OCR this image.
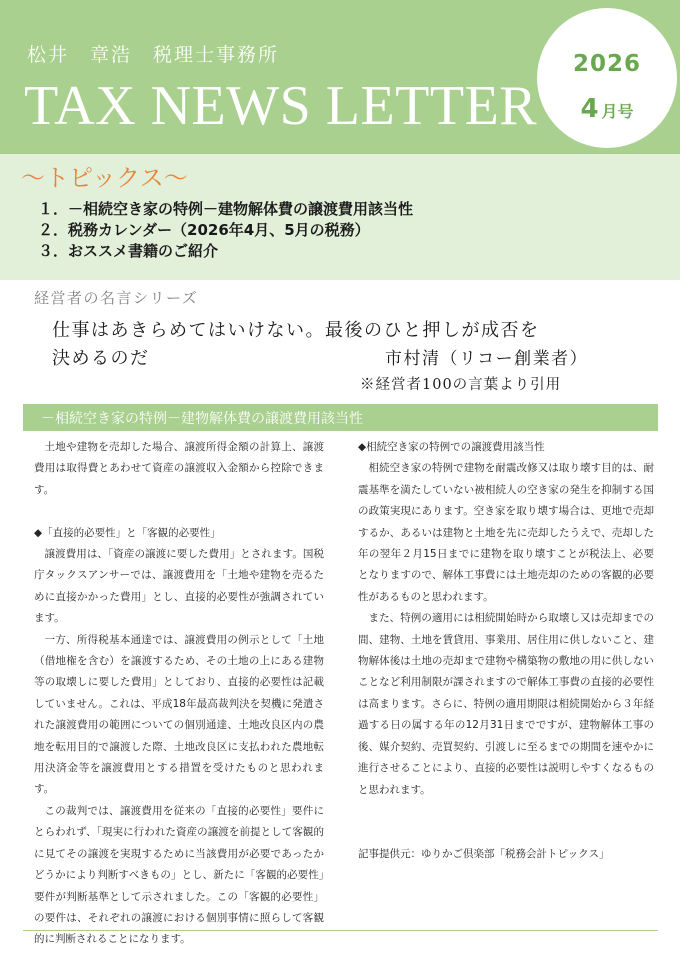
松井　章浩　税理士事務所
TAX NEWS LETTER
2026
4 月号
～トピックス～
１．－相続空き家の特例－建物解体費の譲渡費用該当性
２．税務カレンダー（2026年4月、5月の税務）
３．おススメ書籍のご紹介
経営者の名言シリーズ
仕事はあきらめてはいけない。最後のひと押しが成否を
決めるのだ	市村清（リコー創業者）
※経営者100の言葉より引用
－相続空き家の特例－建物解体費の譲渡費用該当性

土地や建物を売却した場合、譲渡所得金額の計算上、譲渡費用は取得費とあわせて資産の譲渡収入金額から控除できます。

◆「直接的必要性」と「客観的必要性」

譲渡費用は、「資産の譲渡に要した費用」とされます。国税庁タックスアンサーでは、譲渡費用を「土地や建物を売るために直接かかった費用」とし、直接的必要性が強調されています。

一方、所得税基本通達では、譲渡費用の例示として「土地（借地権を含む）を譲渡するため、その土地の上にある建物等の取壊しに要した費用」としており、直接的必要性は記載していません。これは、平成18年最高裁判決を契機に発遣された譲渡費用の範囲についての個別通達、土地改良区内の農地を転用目的で譲渡した際、土地改良区に支払われた農地転用決済金等を譲渡費用とする措置を受けたものと思われます。

この裁判では、譲渡費用を従来の「直接的必要性」要件にとらわれず、「現実に行われた資産の譲渡を前提として客観的に見てその譲渡を実現するために当該費用が必要であったかどうかにより判断すべきもの」とし、新たに「客観的必要性」要件が判断基準として示されました。この「客観的必要性」の要件は、それぞれの譲渡における個別事情に照らして客観的に判断されることになります。

◆相続空き家の特例での譲渡費用該当性

相続空き家の特例で建物を耐震改修又は取り壊す目的は、耐震基準を満たしていない被相続人の空き家の発生を抑制する国の政策実現にあります。空き家を取り壊す場合は、更地で売却するか、あるいは建物と土地を先に売却したうえで、売却した年の翌年２月15日までに建物を取り壊すことが税法上、必要となりますので、解体工事費には土地売却のための客観的必要性があるものと思われます。

また、特例の適用には相続開始時から取壊し又は売却までの間、建物、土地を賃貸用、事業用、居住用に供しないこと、建物解体後は土地の売却まで建物や構築物の敷地の用に供しないことなど利用制限が課されますので解体工事費の直接的必要性は高まります。さらに、特例の適用期限は相続開始から３年経過する日の属する年の12月31日までですが、建物解体工事の後、媒介契約、売買契約、引渡しに至るまでの期間を速やかに進行させることにより、直接的必要性は説明しやすくなるものと思われます。

記事提供元：ゆりかご倶楽部「税務会計トピックス」
